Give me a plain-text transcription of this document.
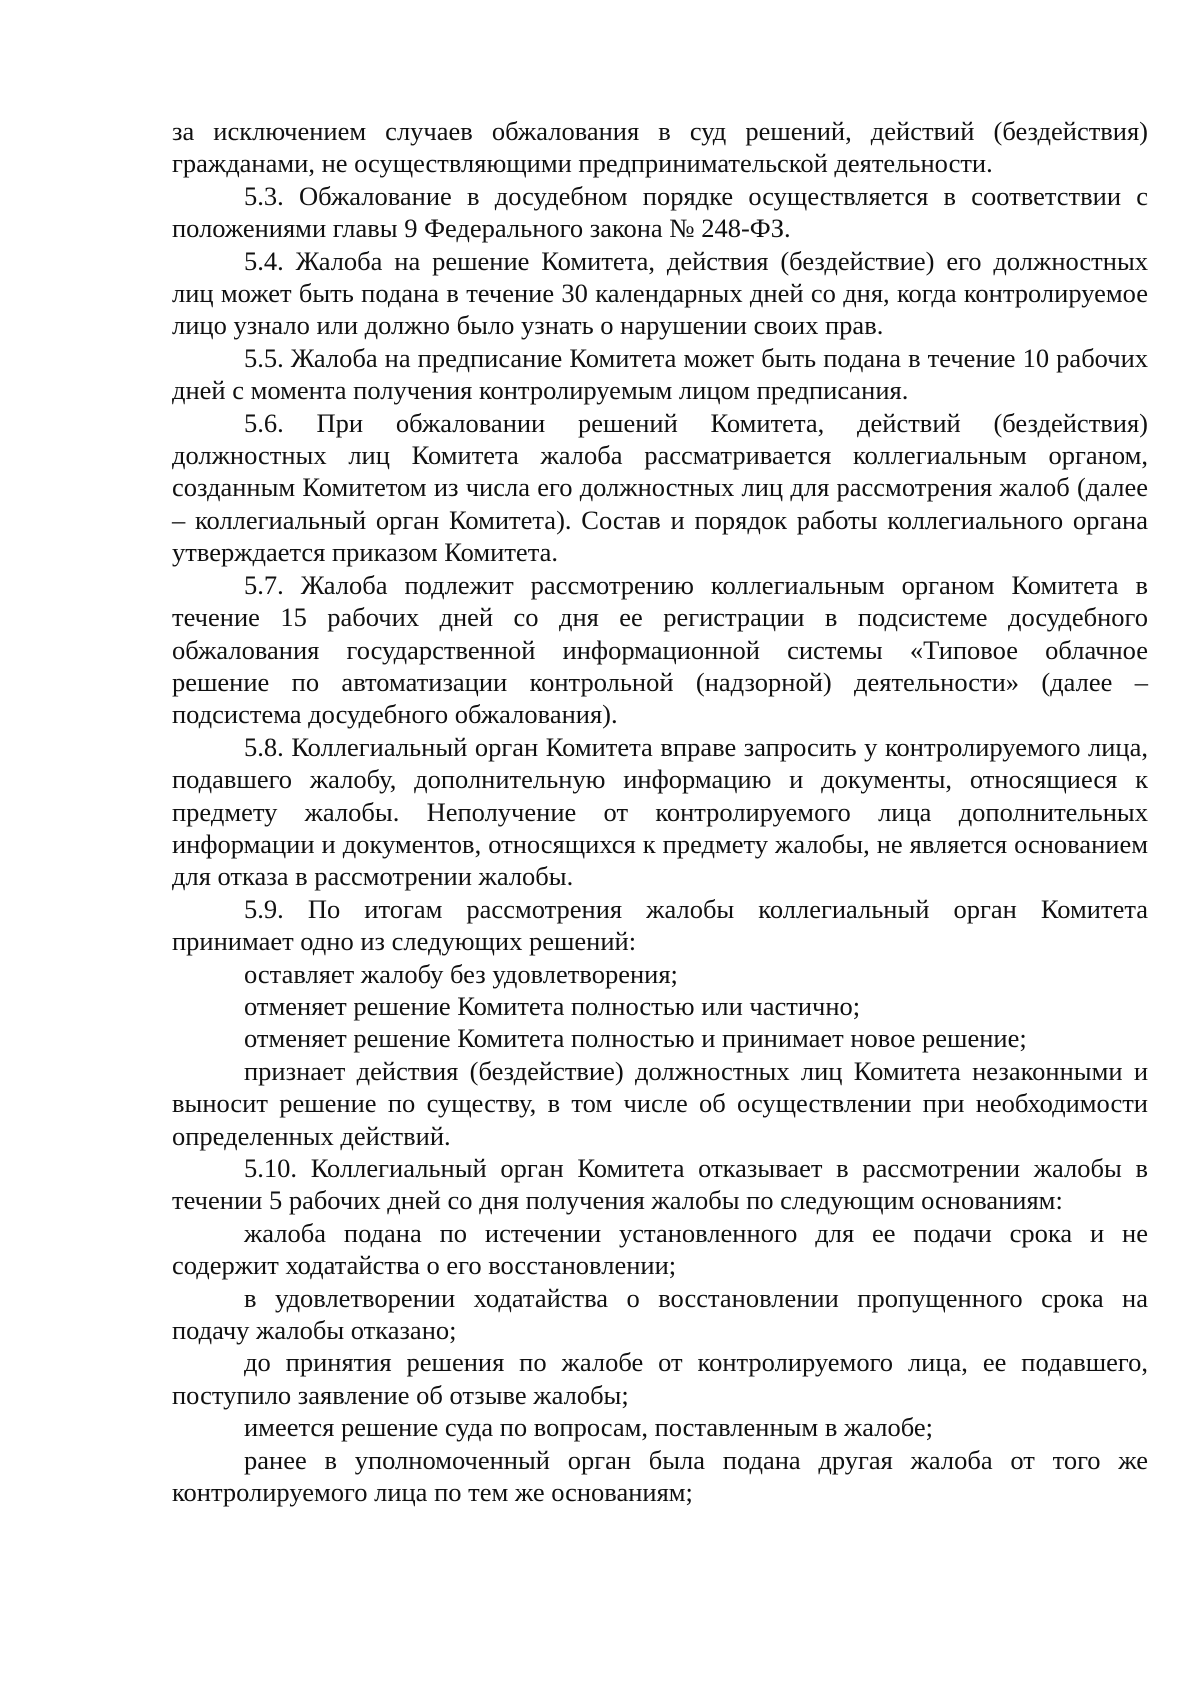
за исключением случаев обжалования в суд решений, действий (бездействия) гражданами, не осуществляющими предпринимательской деятельности.

5.3. Обжалование в досудебном порядке осуществляется в соответствии с положениями главы 9 Федерального закона № 248-ФЗ.

5.4. Жалоба на решение Комитета, действия (бездействие) его должностных лиц может быть подана в течение 30 календарных дней со дня, когда контролируемое лицо узнало или должно было узнать о нарушении своих прав.

5.5. Жалоба на предписание Комитета может быть подана в течение 10 рабочих дней с момента получения контролируемым лицом предписания.

5.6. При обжаловании решений Комитета, действий (бездействия) должностных лиц Комитета жалоба рассматривается коллегиальным органом, созданным Комитетом из числа его должностных лиц для рассмотрения жалоб (далее – коллегиальный орган Комитета). Состав и порядок работы коллегиального органа утверждается приказом Комитета.

5.7. Жалоба подлежит рассмотрению коллегиальным органом Комитета в течение 15 рабочих дней со дня ее регистрации в подсистеме досудебного обжалования государственной информационной системы «Типовое облачное решение по автоматизации контрольной (надзорной) деятельности» (далее – подсистема досудебного обжалования).

5.8. Коллегиальный орган Комитета вправе запросить у контролируемого лица, подавшего жалобу, дополнительную информацию и документы, относящиеся к предмету жалобы. Неполучение от контролируемого лица дополнительных информации и документов, относящихся к предмету жалобы, не является основанием для отказа в рассмотрении жалобы.

5.9. По итогам рассмотрения жалобы коллегиальный орган Комитета принимает одно из следующих решений:

оставляет жалобу без удовлетворения;

отменяет решение Комитета полностью или частично;

отменяет решение Комитета полностью и принимает новое решение;

признает действия (бездействие) должностных лиц Комитета незаконными и выносит решение по существу, в том числе об осуществлении при необходимости определенных действий.

5.10. Коллегиальный орган Комитета отказывает в рассмотрении жалобы в течении 5 рабочих дней со дня получения жалобы по следующим основаниям:

жалоба подана по истечении установленного для ее подачи срока и не содержит ходатайства о его восстановлении;

в удовлетворении ходатайства о восстановлении пропущенного срока на подачу жалобы отказано;

до принятия решения по жалобе от контролируемого лица, ее подавшего, поступило заявление об отзыве жалобы;

имеется решение суда по вопросам, поставленным в жалобе;

ранее в уполномоченный орган была подана другая жалоба от того же контролируемого лица по тем же основаниям;
